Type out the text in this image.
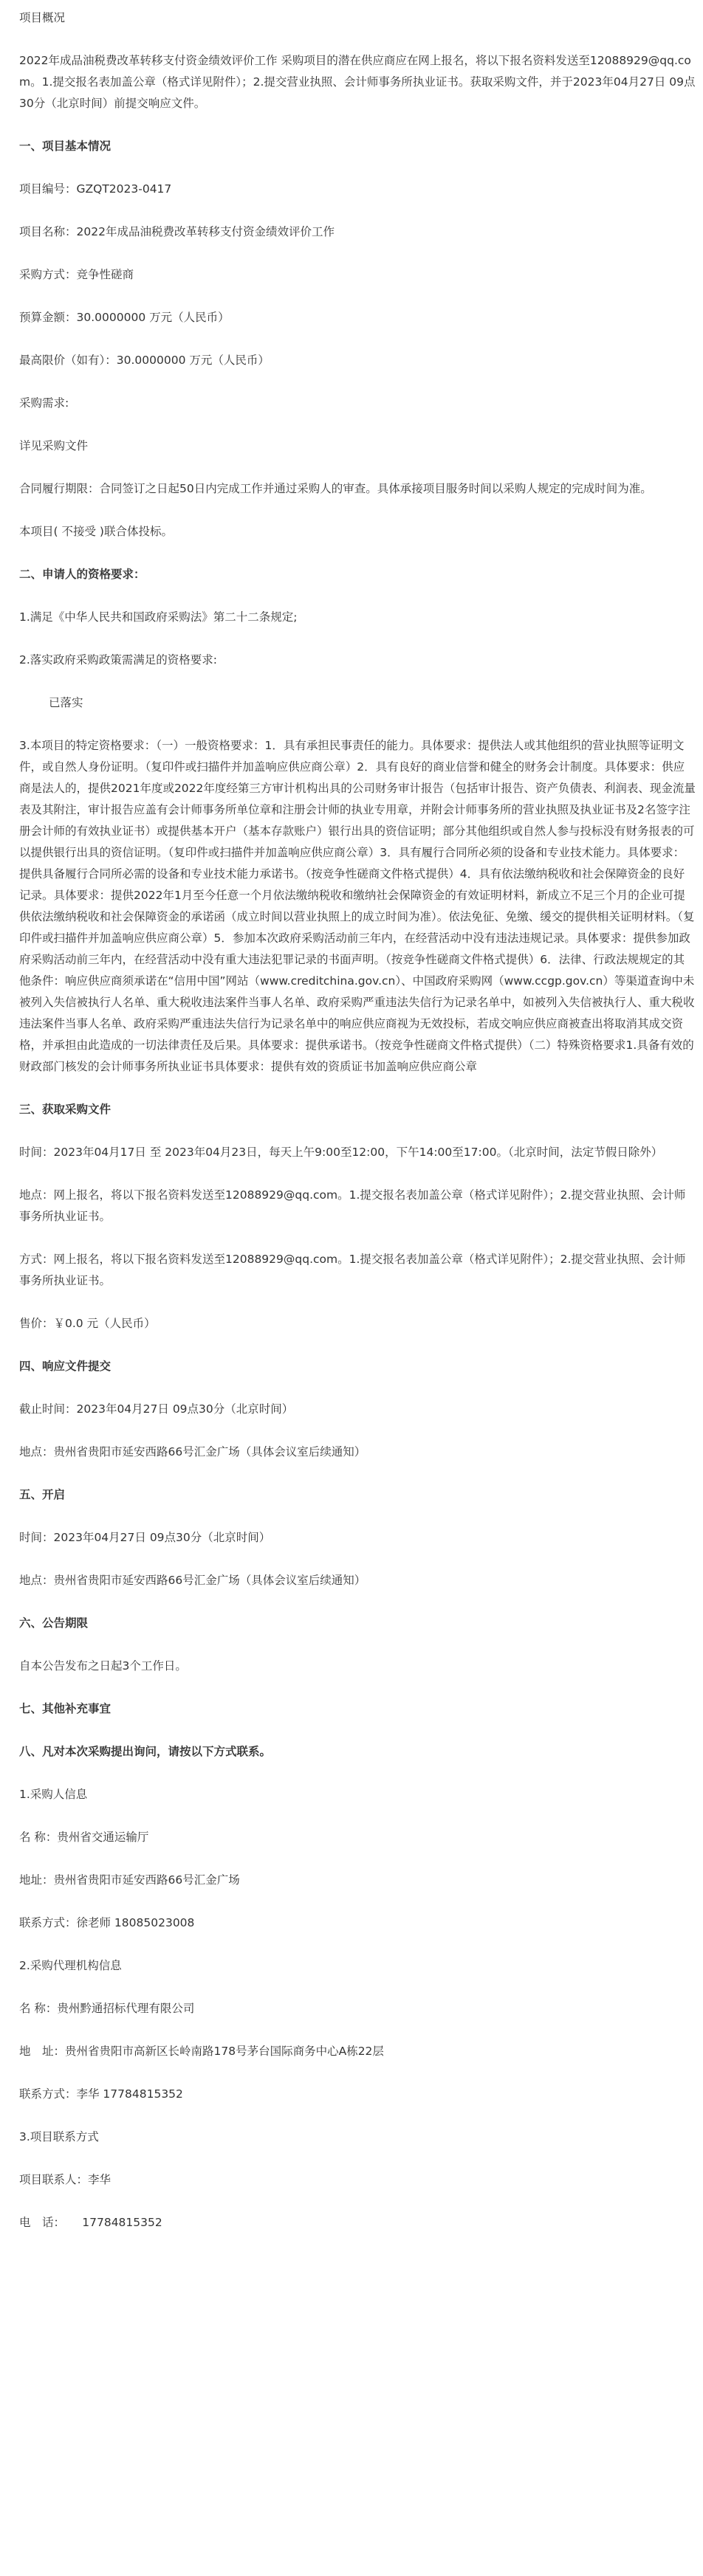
项目概况

2022年成品油税费改革转移支付资金绩效评价工作 采购项目的潜在供应商应在网上报名，将以下报名资料发送至12088929@qq.com。1.提交报名表加盖公章（格式详见附件）；2.提交营业执照、会计师事务所执业证书。获取采购文件，并于2023年04月27日 09点30分（北京时间）前提交响应文件。

一、项目基本情况

项目编号：GZQT2023-0417

项目名称：2022年成品油税费改革转移支付资金绩效评价工作

采购方式：竞争性磋商

预算金额：30.0000000 万元（人民币）

最高限价（如有）：30.0000000 万元（人民币）

采购需求:

详见采购文件

合同履行期限：合同签订之日起50日内完成工作并通过采购人的审查。具体承接项目服务时间以采购人规定的完成时间为准。

本项目( 不接受 )联合体投标。

二、申请人的资格要求：

1.满足《中华人民共和国政府采购法》第二十二条规定;

2.落实政府采购政策需满足的资格要求:

已落实

3.本项目的特定资格要求：（一）一般资格要求：1．具有承担民事责任的能力。具体要求：提供法人或其他组织的营业执照等证明文件，或自然人身份证明。（复印件或扫描件并加盖响应供应商公章）2．具有良好的商业信誉和健全的财务会计制度。具体要求：供应商是法人的，提供2021年度或2022年度经第三方审计机构出具的公司财务审计报告（包括审计报告、资产负债表、利润表、现金流量表及其附注，审计报告应盖有会计师事务所单位章和注册会计师的执业专用章，并附会计师事务所的营业执照及执业证书及2名签字注册会计师的有效执业证书）或提供基本开户（基本存款账户）银行出具的资信证明；部分其他组织或自然人参与投标没有财务报表的可以提供银行出具的资信证明。（复印件或扫描件并加盖响应供应商公章）3．具有履行合同所必须的设备和专业技术能力。具体要求：提供具备履行合同所必需的设备和专业技术能力承诺书。（按竞争性磋商文件格式提供）4．具有依法缴纳税收和社会保障资金的良好记录。具体要求：提供2022年1月至今任意一个月依法缴纳税收和缴纳社会保障资金的有效证明材料，新成立不足三个月的企业可提供依法缴纳税收和社会保障资金的承诺函（成立时间以营业执照上的成立时间为准）。依法免征、免缴、缓交的提供相关证明材料。（复印件或扫描件并加盖响应供应商公章）5．参加本次政府采购活动前三年内，在经营活动中没有违法违规记录。具体要求：提供参加政府采购活动前三年内，在经营活动中没有重大违法犯罪记录的书面声明。（按竞争性磋商文件格式提供）6．法律、行政法规规定的其他条件：响应供应商须承诺在“信用中国”网站（www.creditchina.gov.cn）、中国政府采购网（www.ccgp.gov.cn）等渠道查询中未被列入失信被执行人名单、重大税收违法案件当事人名单、政府采购严重违法失信行为记录名单中，如被列入失信被执行人、重大税收违法案件当事人名单、政府采购严重违法失信行为记录名单中的响应供应商视为无效投标，若成交响应供应商被查出将取消其成交资格，并承担由此造成的一切法律责任及后果。具体要求：提供承诺书。（按竞争性磋商文件格式提供）（二）特殊资格要求1.具备有效的财政部门核发的会计师事务所执业证书具体要求：提供有效的资质证书加盖响应供应商公章

三、获取采购文件

时间：2023年04月17日 至 2023年04月23日，每天上午9:00至12:00，下午14:00至17:00。（北京时间，法定节假日除外）

地点：网上报名，将以下报名资料发送至12088929@qq.com。1.提交报名表加盖公章（格式详见附件）；2.提交营业执照、会计师事务所执业证书。

方式：网上报名，将以下报名资料发送至12088929@qq.com。1.提交报名表加盖公章（格式详见附件）；2.提交营业执照、会计师事务所执业证书。

售价：￥0.0 元（人民币）

四、响应文件提交

截止时间：2023年04月27日 09点30分（北京时间）

地点：贵州省贵阳市延安西路66号汇金广场（具体会议室后续通知）

五、开启

时间：2023年04月27日 09点30分（北京时间）

地点：贵州省贵阳市延安西路66号汇金广场（具体会议室后续通知）

六、公告期限

自本公告发布之日起3个工作日。

七、其他补充事宜

八、凡对本次采购提出询问，请按以下方式联系。

1.采购人信息

名 称：贵州省交通运输厅

地址：贵州省贵阳市延安西路66号汇金广场

联系方式：徐老师 18085023008

2.采购代理机构信息

名 称：贵州黔通招标代理有限公司

地　址：贵州省贵阳市高新区长岭南路178号茅台国际商务中心A栋22层

联系方式：李华 17784815352

3.项目联系方式

项目联系人：李华

电　话：　　17784815352
